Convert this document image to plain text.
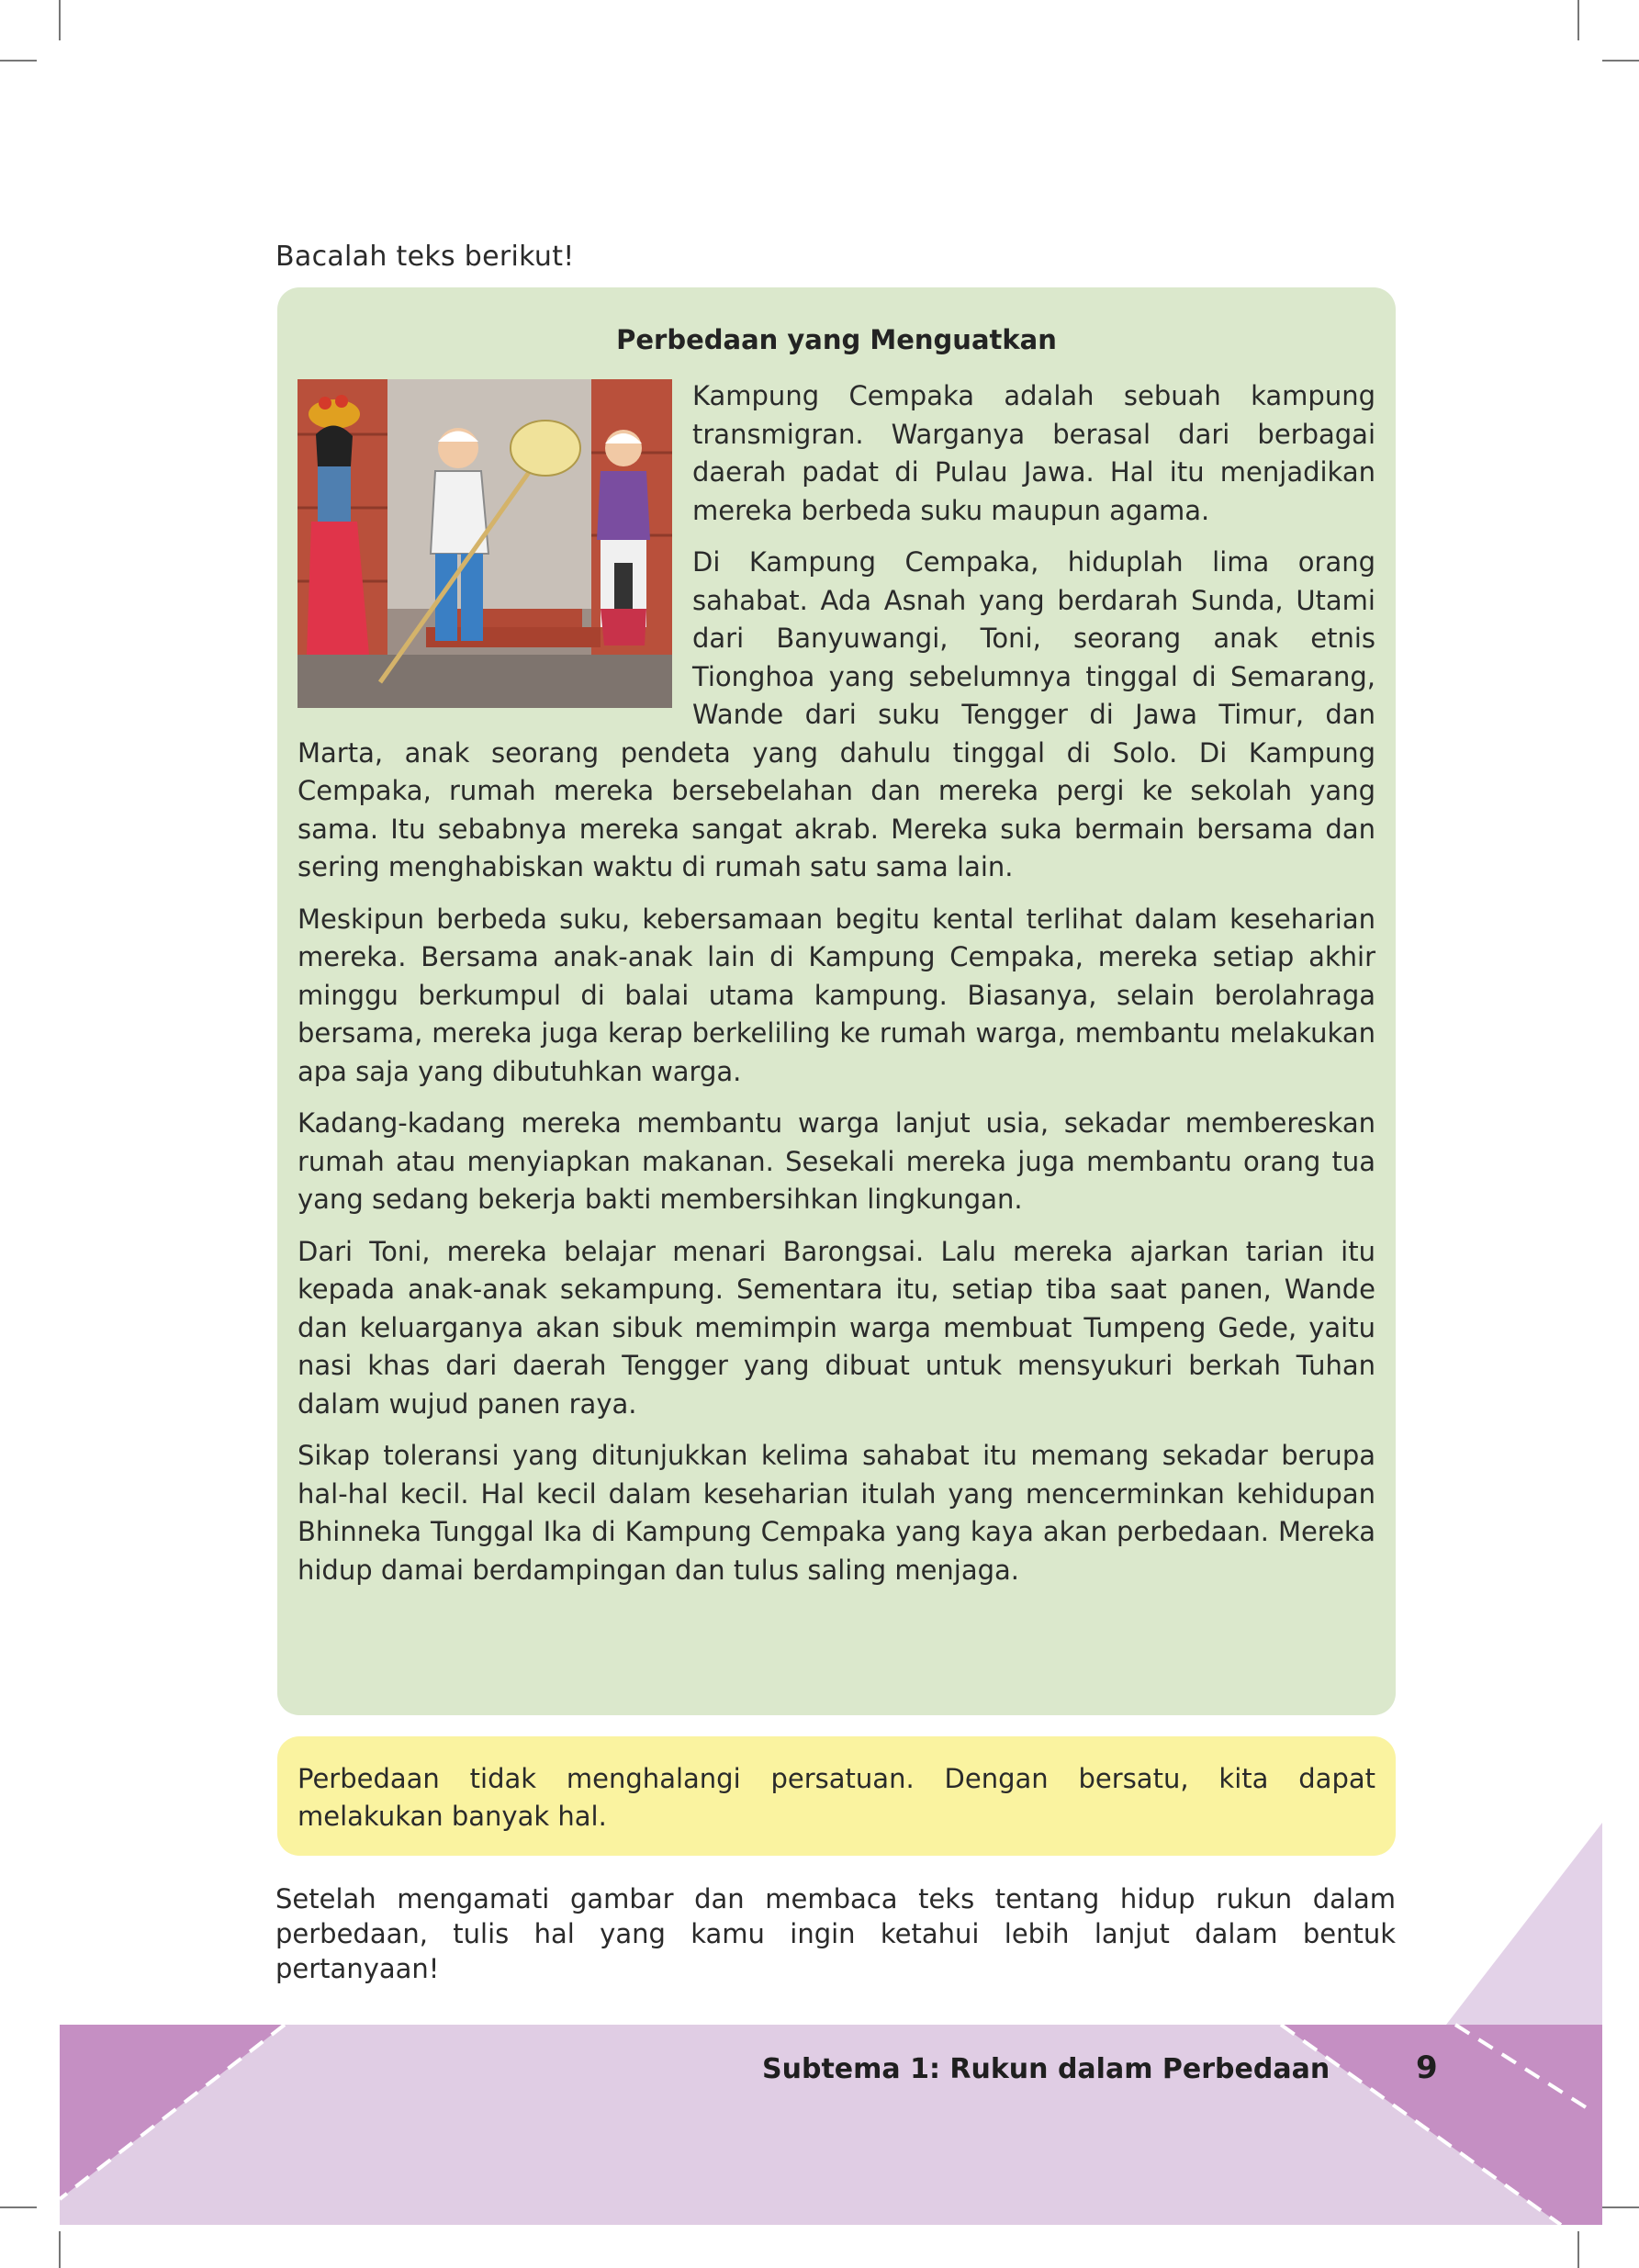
Bacalah teks berikut!
Perbedaan yang Menguatkan

Kampung Cempaka adalah sebuah kampung transmigran. Warganya berasal dari berbagai daerah padat di Pulau Jawa. Hal itu menjadikan mereka berbeda suku maupun agama.

Di Kampung Cempaka, hiduplah lima orang sahabat. Ada Asnah yang berdarah Sunda, Utami dari Banyuwangi, Toni, seorang anak etnis Tionghoa yang sebelumnya tinggal di Semarang, Wande dari suku Tengger di Jawa Timur, dan Marta, anak seorang pendeta yang dahulu tinggal di Solo. Di Kampung Cempaka, rumah mereka bersebelahan dan mereka pergi ke sekolah yang sama. Itu sebabnya mereka sangat akrab. Mereka suka bermain bersama dan sering menghabiskan waktu di rumah satu sama lain.

Meskipun berbeda suku, kebersamaan begitu kental terlihat dalam keseharian mereka. Bersama anak-anak lain di Kampung Cempaka, mereka setiap akhir minggu berkumpul di balai utama kampung. Biasanya, selain berolahraga bersama, mereka juga kerap berkeliling ke rumah warga, membantu melakukan apa saja yang dibutuhkan warga.

Kadang-kadang mereka membantu warga lanjut usia, sekadar membereskan rumah atau menyiapkan makanan. Sesekali mereka juga membantu orang tua yang sedang bekerja bakti membersihkan lingkungan.

Dari Toni, mereka belajar menari Barongsai. Lalu mereka ajarkan tarian itu kepada anak-anak sekampung. Sementara itu, setiap tiba saat panen, Wande dan keluarganya akan sibuk memimpin warga membuat Tumpeng Gede, yaitu nasi khas dari daerah Tengger yang dibuat untuk mensyukuri berkah Tuhan dalam wujud panen raya.

Sikap toleransi yang ditunjukkan kelima sahabat itu memang sekadar berupa hal-hal kecil. Hal kecil dalam keseharian itulah yang mencerminkan kehidupan Bhinneka Tunggal Ika di Kampung Cempaka yang kaya akan perbedaan. Mereka hidup damai berdampingan dan tulus saling menjaga.

Perbedaan tidak menghalangi persatuan. Dengan bersatu, kita dapat melakukan banyak hal.
Setelah mengamati gambar dan membaca teks tentang hidup rukun dalam perbedaan, tulis hal yang kamu ingin ketahui lebih lanjut dalam bentuk pertanyaan!
Subtema 1: Rukun dalam Perbedaan	9
